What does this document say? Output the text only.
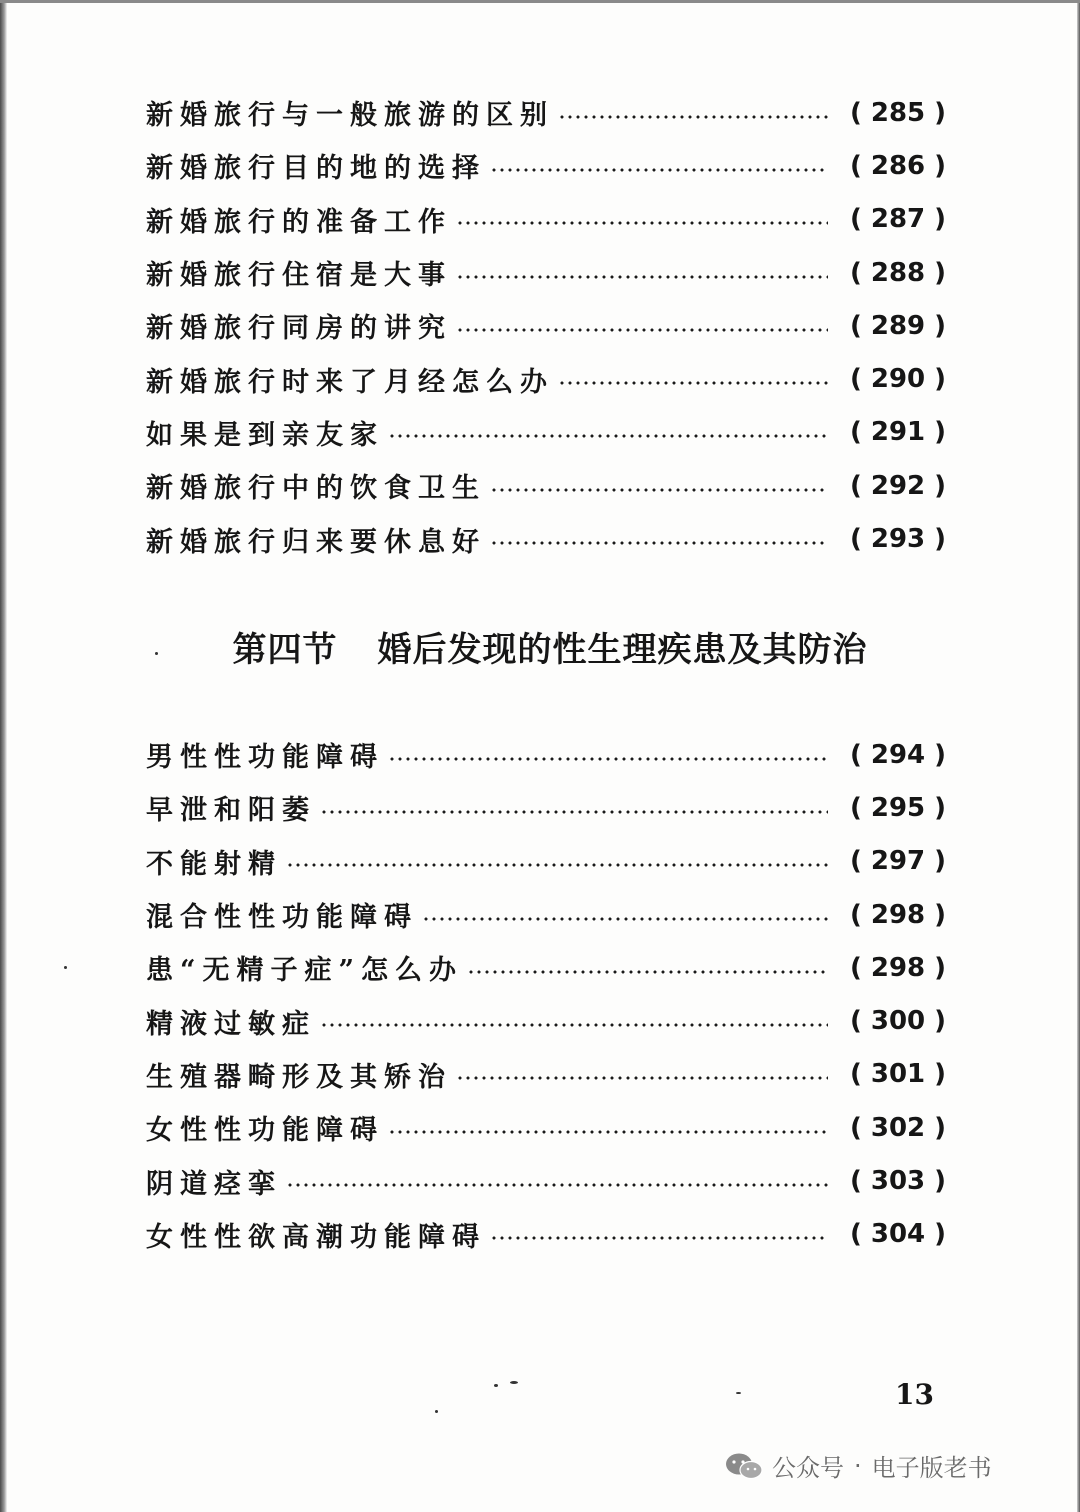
新婚旅行与一般旅游的区别	( 285 )
新婚旅行目的地的选择	( 286 )
新婚旅行的准备工作	( 287 )
新婚旅行住宿是大事	( 288 )
新婚旅行同房的讲究	( 289 )
新婚旅行时来了月经怎么办	( 290 )
如果是到亲友家	( 291 )
新婚旅行中的饮食卫生	( 292 )
新婚旅行归来要休息好	( 293 )
第四节 婚后发现的性生理疾患及其防治
男性性功能障碍	( 294 )
早泄和阳萎	( 295 )
不能射精	( 297 )
混合性性功能障碍	( 298 )
患“无精子症”怎么办	( 298 )
精液过敏症	( 300 )
生殖器畸形及其矫治	( 301 )
女性性功能障碍	( 302 )
阴道痉挛	( 303 )
女性性欲高潮功能障碍	( 304 )
13
公众号 · 电子版老书
